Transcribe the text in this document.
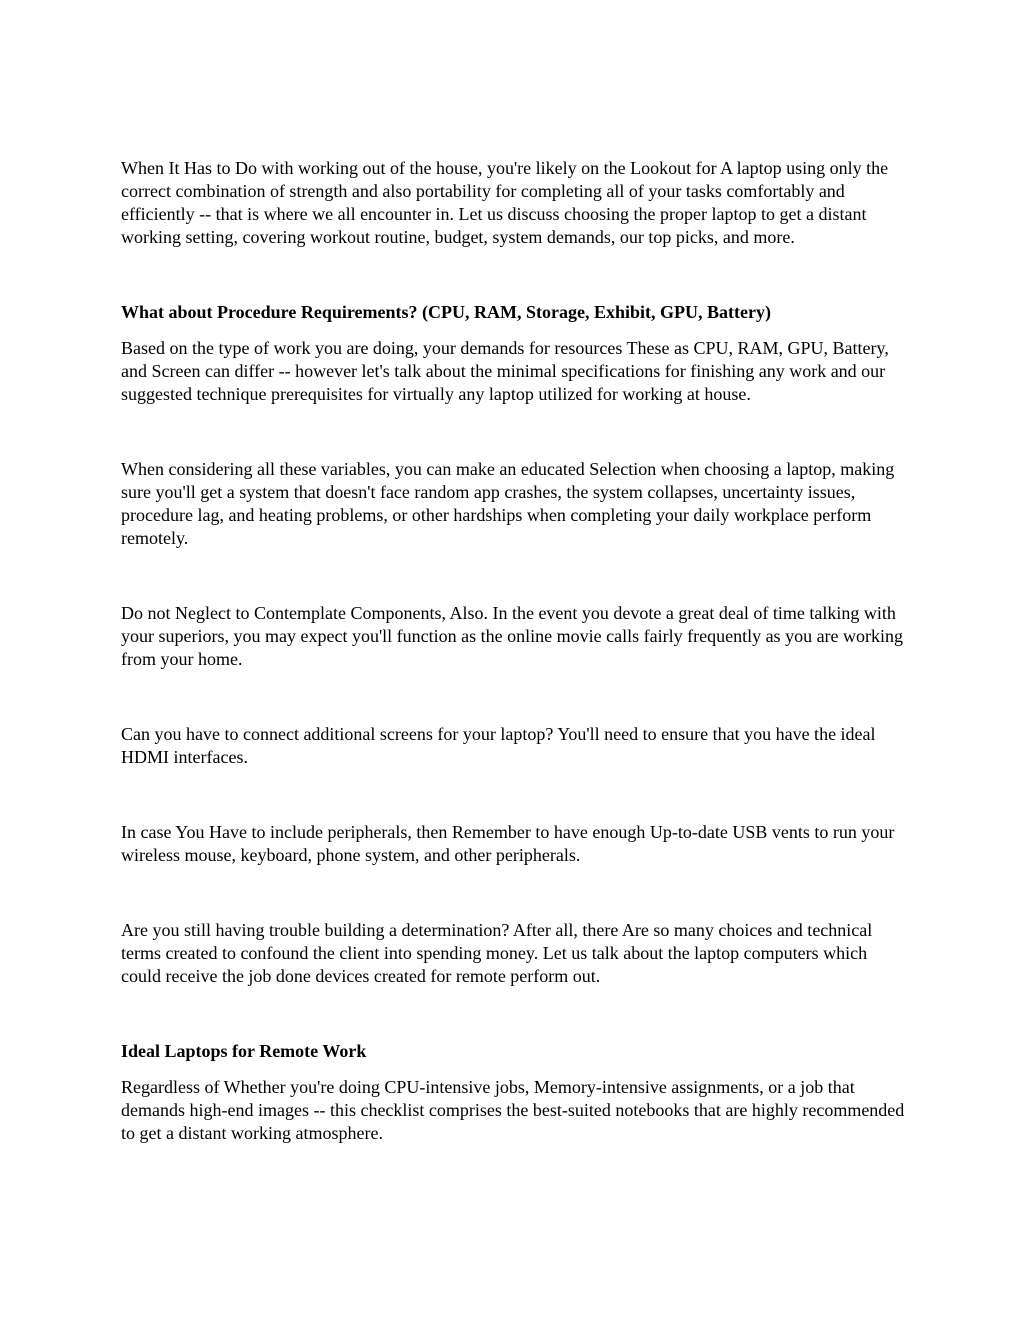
When It Has to Do with working out of the house, you're likely on the Lookout for A laptop using only the correct combination of strength and also portability for completing all of your tasks comfortably and efficiently -- that is where we all encounter in. Let us discuss choosing the proper laptop to get a distant working setting, covering workout routine, budget, system demands, our top picks, and more.

What about Procedure Requirements? (CPU, RAM, Storage, Exhibit, GPU, Battery)

Based on the type of work you are doing, your demands for resources These as CPU, RAM, GPU, Battery, and Screen can differ -- however let's talk about the minimal specifications for finishing any work and our suggested technique prerequisites for virtually any laptop utilized for working at house.

When considering all these variables, you can make an educated Selection when choosing a laptop, making sure you'll get a system that doesn't face random app crashes, the system collapses, uncertainty issues, procedure lag, and heating problems, or other hardships when completing your daily workplace perform remotely.

Do not Neglect to Contemplate Components, Also. In the event you devote a great deal of time talking with your superiors, you may expect you'll function as the online movie calls fairly frequently as you are working from your home.

Can you have to connect additional screens for your laptop? You'll need to ensure that you have the ideal HDMI interfaces.

In case You Have to include peripherals, then Remember to have enough Up-to-date USB vents to run your wireless mouse, keyboard, phone system, and other peripherals.

Are you still having trouble building a determination? After all, there Are so many choices and technical terms created to confound the client into spending money. Let us talk about the laptop computers which could receive the job done devices created for remote perform out.

Ideal Laptops for Remote Work

Regardless of Whether you're doing CPU-intensive jobs, Memory-intensive assignments, or a job that demands high-end images -- this checklist comprises the best-suited notebooks that are highly recommended to get a distant working atmosphere.
